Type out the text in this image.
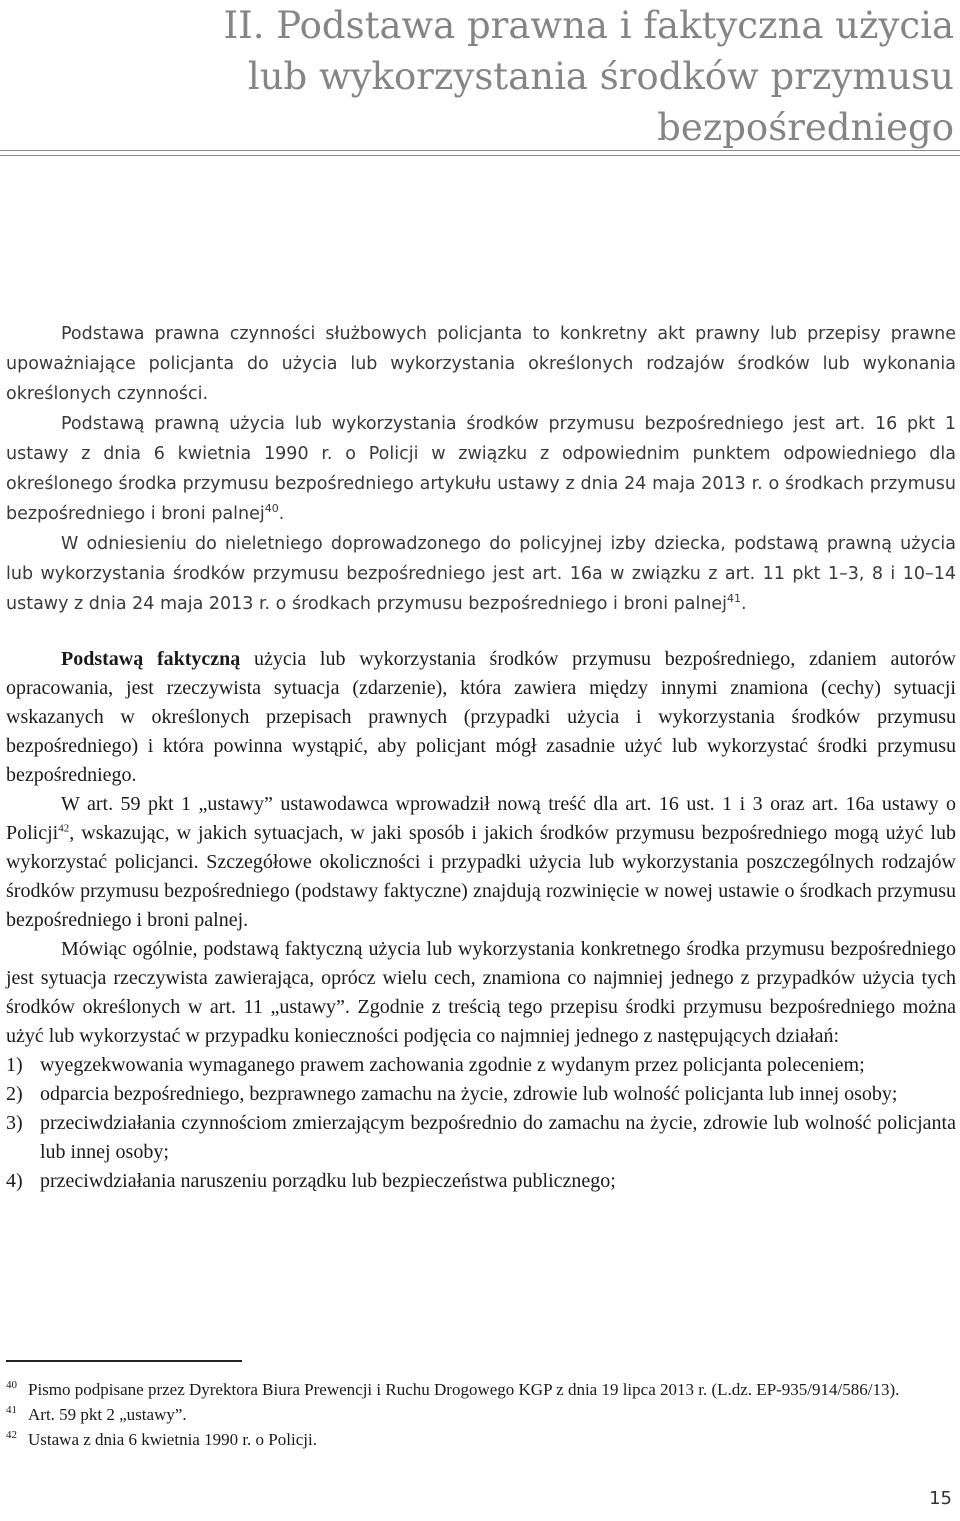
II. Podstawa prawna i faktyczna użycia
lub wykorzystania środków przymusu
bezpośredniego

Podstawa prawna czynności służbowych policjanta to konkretny akt prawny lub przepisy prawne upoważniające policjanta do użycia lub wykorzystania określonych rodzajów środków lub wykonania określonych czynności.

Podstawą prawną użycia lub wykorzystania środków przymusu bezpośredniego jest art. 16 pkt 1 ustawy z dnia 6 kwietnia 1990 r. o Policji w związku z odpowiednim punktem odpowiedniego dla określonego środka przymusu bezpośredniego artykułu ustawy z dnia 24 maja 2013 r. o środkach przymusu bezpośredniego i broni palnej$^{40}$.

W odniesieniu do nieletniego doprowadzonego do policyjnej izby dziecka, podstawą prawną użycia lub wykorzystania środków przymusu bezpośredniego jest art. 16a w związku z art. 11 pkt 1–3, 8 i 10–14 ustawy z dnia 24 maja 2013 r. o środkach przymusu bezpośredniego i broni palnej$^{41}$.

Podstawą faktyczną użycia lub wykorzystania środków przymusu bezpośredniego, zdaniem autorów opracowania, jest rzeczywista sytuacja (zdarzenie), która zawiera między innymi znamiona (cechy) sytuacji wskazanych w określonych przepisach prawnych (przypadki użycia i wykorzystania środków przymusu bezpośredniego) i która powinna wystąpić, aby policjant mógł zasadnie użyć lub wykorzystać środki przymusu bezpośredniego.

W art. 59 pkt 1 „ustawy” ustawodawca wprowadził nową treść dla art. 16 ust. 1 i 3 oraz art. 16a ustawy o Policji$^{42}$, wskazując, w jakich sytuacjach, w jaki sposób i jakich środków przymusu bezpośredniego mogą użyć lub wykorzystać policjanci. Szczegółowe okoliczności i przypadki użycia lub wykorzystania poszczególnych rodzajów środków przymusu bezpośredniego (podstawy faktyczne) znajdują rozwinięcie w nowej ustawie o środkach przymusu bezpośredniego i broni palnej.

Mówiąc ogólnie, podstawą faktyczną użycia lub wykorzystania konkretnego środka przymusu bezpośredniego jest sytuacja rzeczywista zawierająca, oprócz wielu cech, znamiona co najmniej jednego z przypadków użycia tych środków określonych w art. 11 „ustawy”. Zgodnie z treścią tego przepisu środki przymusu bezpośredniego można użyć lub wykorzystać w przypadku konieczności podjęcia co najmniej jednego z następujących działań:

1) wyegzekwowania wymaganego prawem zachowania zgodnie z wydanym przez policjanta poleceniem;
2) odparcia bezpośredniego, bezprawnego zamachu na życie, zdrowie lub wolność policjanta lub innej osoby;
3) przeciwdziałania czynnościom zmierzającym bezpośrednio do zamachu na życie, zdrowie lub wolność policjanta lub innej osoby;
4) przeciwdziałania naruszeniu porządku lub bezpieczeństwa publicznego;

40 Pismo podpisane przez Dyrektora Biura Prewencji i Ruchu Drogowego KGP z dnia 19 lipca 2013 r. (L.dz. EP-935/914/586/13).

41 Art. 59 pkt 2 „ustawy”.

42 Ustawa z dnia 6 kwietnia 1990 r. o Policji.

15
